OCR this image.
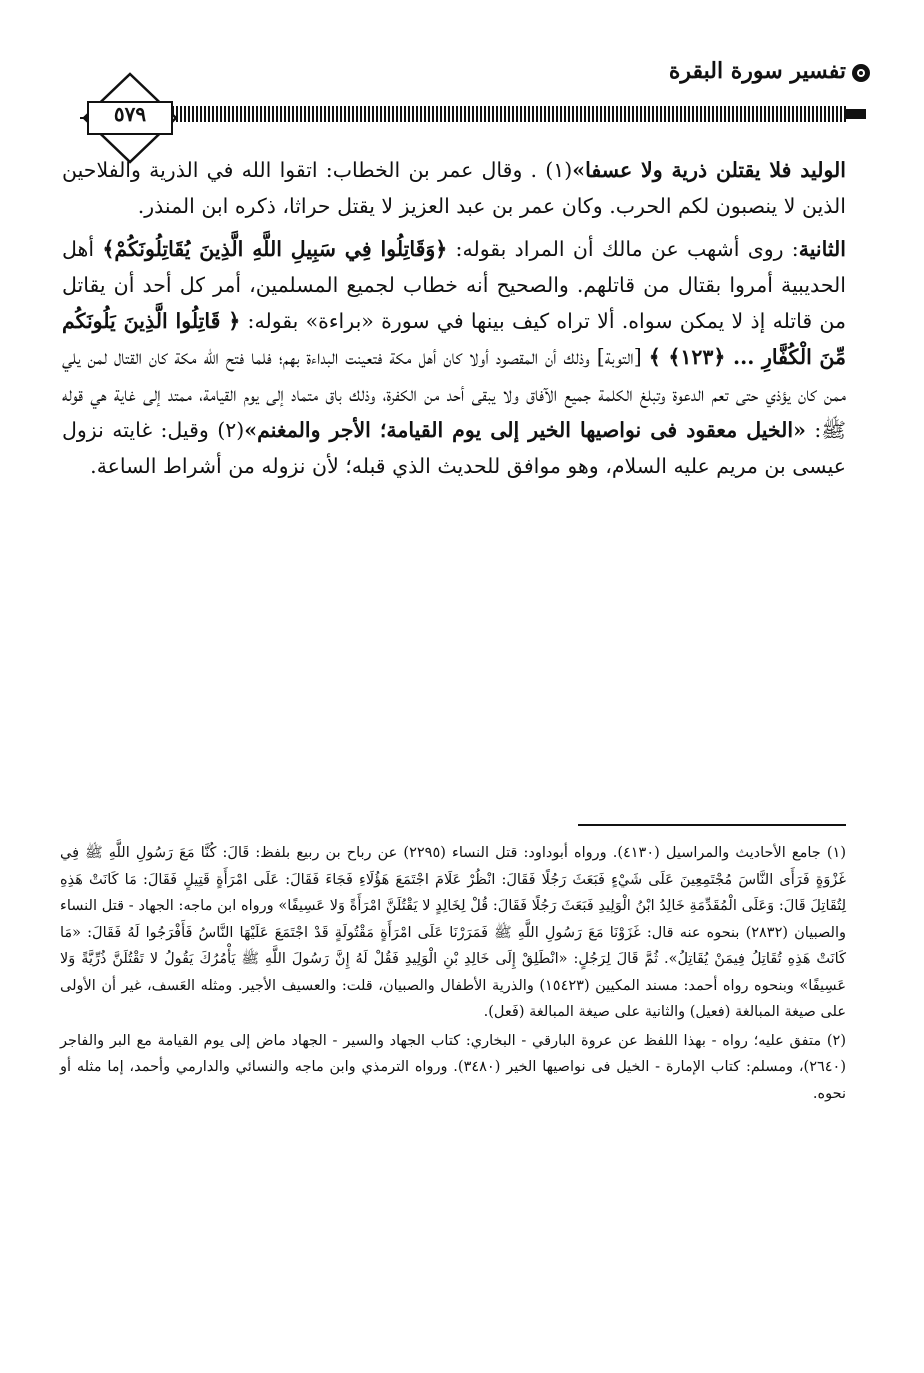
تفسير سورة البقرة
٥٧٩

الوليد فلا يقتلن ذرية ولا عسفا»(١) . وقال عمر بن الخطاب: اتقوا الله في الذرية والفلاحين الذين لا ينصبون لكم الحرب. وكان عمر بن عبد العزيز لا يقتل حراثا، ذكره ابن المنذر.

الثانية: روى أشهب عن مالك أن المراد بقوله: ﴿وَقَاتِلُوا فِي سَبِيلِ اللَّهِ الَّذِينَ يُقَاتِلُونَكُمْ﴾ أهل الحديبية أمروا بقتال من قاتلهم. والصحيح أنه خطاب لجميع المسلمين، أمر كل أحد أن يقاتل من قاتله إذ لا يمكن سواه. ألا تراه كيف بينها في سورة «براءة» بقوله: ﴿ قَاتِلُوا الَّذِينَ يَلُونَكُم مِّنَ الْكُفَّارِ ... ﴿١٢٣﴾ ﴾ [التوبة] وذلك أن المقصود أولا كان أهل مكة فتعينت البداءة بهم؛ فلما فتح الله مكة كان القتال لمن يلي ممن كان يؤذي حتى تعم الدعوة وتبلغ الكلمة جميع الآفاق ولا يبقى أحد من الكفرة، وذلك باق متماد إلى يوم القيامة، ممتد إلى غاية هي قوله ﷺ: «الخيل معقود فى نواصيها الخير إلى يوم القيامة؛ الأجر والمغنم»(٢) وقيل: غايته نزول عيسى بن مريم عليه السلام، وهو موافق للحديث الذي قبله؛ لأن نزوله من أشراط الساعة.

(١) جامع الأحاديث والمراسيل (٤١٣٠). ورواه أبوداود: قتل النساء (٢٢٩٥) عن رباح بن ربيع بلفظ: قَالَ: كُنَّا مَعَ رَسُولِ اللَّهِ ﷺ فِي غَزْوَةٍ فَرَأَى النَّاسَ مُجْتَمِعِينَ عَلَى شَيْءٍ فَبَعَثَ رَجُلًا فَقَالَ: انْظُرْ عَلَامَ اجْتَمَعَ هَؤُلَاءِ فَجَاءَ فَقَالَ: عَلَى امْرَأَةٍ قَتِيلٍ فَقَالَ: مَا كَانَتْ هَذِهِ لِتُقَاتِلَ قَالَ: وَعَلَى الْمُقَدِّمَةِ خَالِدُ ابْنُ الْوَلِيدِ فَبَعَثَ رَجُلًا فَقَالَ: قُلْ لِخَالِدٍ لا يَقْتُلَنَّ امْرَأَةً وَلا عَسِيفًا» ورواه ابن ماجه: الجهاد - قتل النساء والصبيان (٢٨٣٢) بنحوه عنه قال: غَزَوْنَا مَعَ رَسُولِ اللَّهِ ﷺ فَمَرَرْنَا عَلَى امْرَأَةٍ مَقْتُولَةٍ قَدْ اجْتَمَعَ عَلَيْهَا النَّاسُ فَأَفْرَجُوا لَهُ فَقَالَ: «مَا كَانَتْ هَذِهِ تُقَاتِلُ فِيمَنْ يُقَاتِلُ». ثُمَّ قَالَ لِرَجُلٍ: «انْطَلِقْ إِلَى خَالِدِ بْنِ الْوَلِيدِ فَقُلْ لَهُ إِنَّ رَسُولَ اللَّهِ ﷺ يَأْمُرُكَ يَقُولُ لا تَقْتُلَنَّ ذُرِّيَّةً وَلا عَسِيفًا» وبنحوه رواه أحمد: مسند المكيين (١٥٤٢٣) والذرية الأطفال والصبيان، قلت: والعسيف الأجير. ومثله العَسف، غير أن الأولى على صيغة المبالغة (فعيل) والثانية على صيغة المبالغة (فَعل).

(٢) متفق عليه؛ رواه - بهذا اللفظ عن عروة البارقي - البخاري: كتاب الجهاد والسير - الجهاد ماض إلى يوم القيامة مع البر والفاجر (٢٦٤٠)، ومسلم: كتاب الإمارة - الخيل فى نواصيها الخير (٣٤٨٠). ورواه الترمذي وابن ماجه والنسائي والدارمي وأحمد، إما مثله أو نحوه.
